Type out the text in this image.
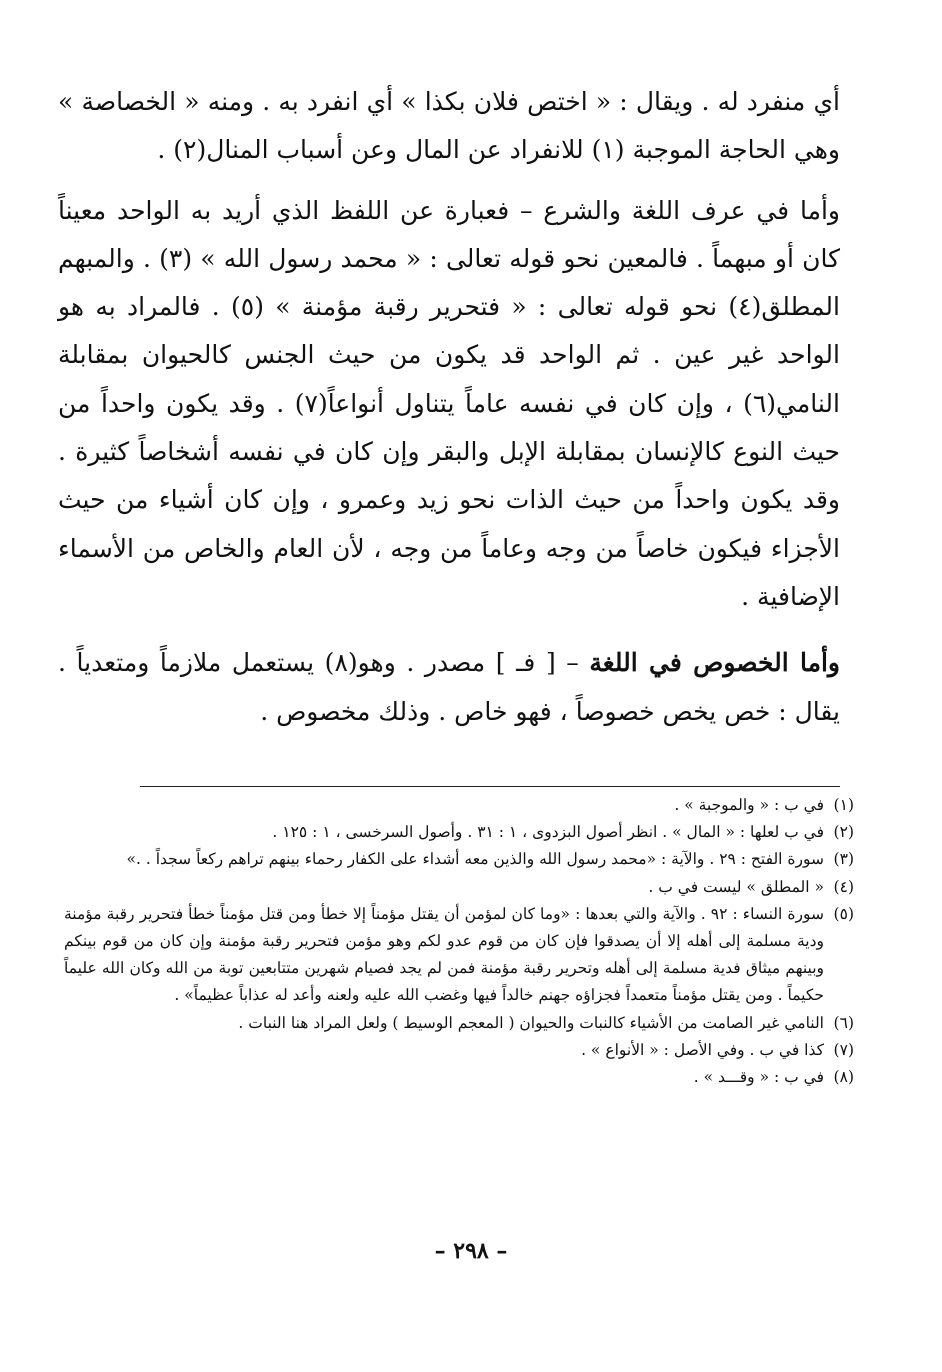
أي منفرد له . ويقال : « اختص فلان بكذا » أي انفرد به . ومنه « الخصاصة » وهي الحاجة الموجبة (١) للانفراد عن المال وعن أسباب المنال(٢) .

وأما في عرف اللغة والشرع – فعبارة عن اللفظ الذي أريد به الواحد معيناً كان أو مبهماً . فالمعين نحو قوله تعالى : « محمد رسول الله » (٣) . والمبهم المطلق(٤) نحو قوله تعالى : « فتحرير رقبة مؤمنة » (٥) . فالمراد به هو الواحد غير عين . ثم الواحد قد يكون من حيث الجنس كالحيوان بمقابلة النامي(٦) ، وإن كان في نفسه عاماً يتناول أنواعاً(٧) . وقد يكون واحداً من حيث النوع كالإنسان بمقابلة الإبل والبقر وإن كان في نفسه أشخاصاً كثيرة . وقد يكون واحداً من حيث الذات نحو زيد وعمرو ، وإن كان أشياء من حيث الأجزاء فيكون خاصاً من وجه وعاماً من وجه ، لأن العام والخاص من الأسماء الإضافية .

وأما الخصوص في اللغة – [ فـ ] مصدر . وهو(٨) يستعمل ملازماً ومتعدياً . يقال : خص يخص خصوصاً ، فهو خاص . وذلك مخصوص .

(١)
في ب : « والموجبة » .
(٢)
في ب لعلها : « المال » . انظر أصول البزدوى ، ١ : ٣١ . وأصول السرخسى ، ١ : ١٢٥ .
(٣)
سورة الفتح : ٢٩ . والآية : «محمد رسول الله والذين معه أشداء على الكفار رحماء بينهم تراهم ركعاً سجداً . .»
(٤)
« المطلق » ليست في ب .
(٥)
سورة النساء : ٩٢ . والآية والتي بعدها : «وما كان لمؤمن أن يقتل مؤمناً إلا خطأ ومن قتل مؤمناً خطأ فتحرير رقبة مؤمنة ودية مسلمة إلى أهله إلا أن يصدقوا فإن كان من قوم عدو لكم وهو مؤمن فتحرير رقبة مؤمنة وإن كان من قوم بينكم وبينهم ميثاق فدية مسلمة إلى أهله وتحرير رقبة مؤمنة فمن لم يجد فصيام شهرين متتابعين توبة من الله وكان الله عليماً حكيماً . ومن يقتل مؤمناً متعمداً فجزاؤه جهنم خالداً فيها وغضب الله عليه ولعنه وأعد له عذاباً عظيماً» .
(٦)
النامي غير الصامت من الأشياء كالنبات والحيوان ( المعجم الوسيط ) ولعل المراد هنا النبات .
(٧)
كذا في ب . وفي الأصل : « الأنواع » .
(٨)
في ب : « وقـــد » .
– ٢٩٨ –
